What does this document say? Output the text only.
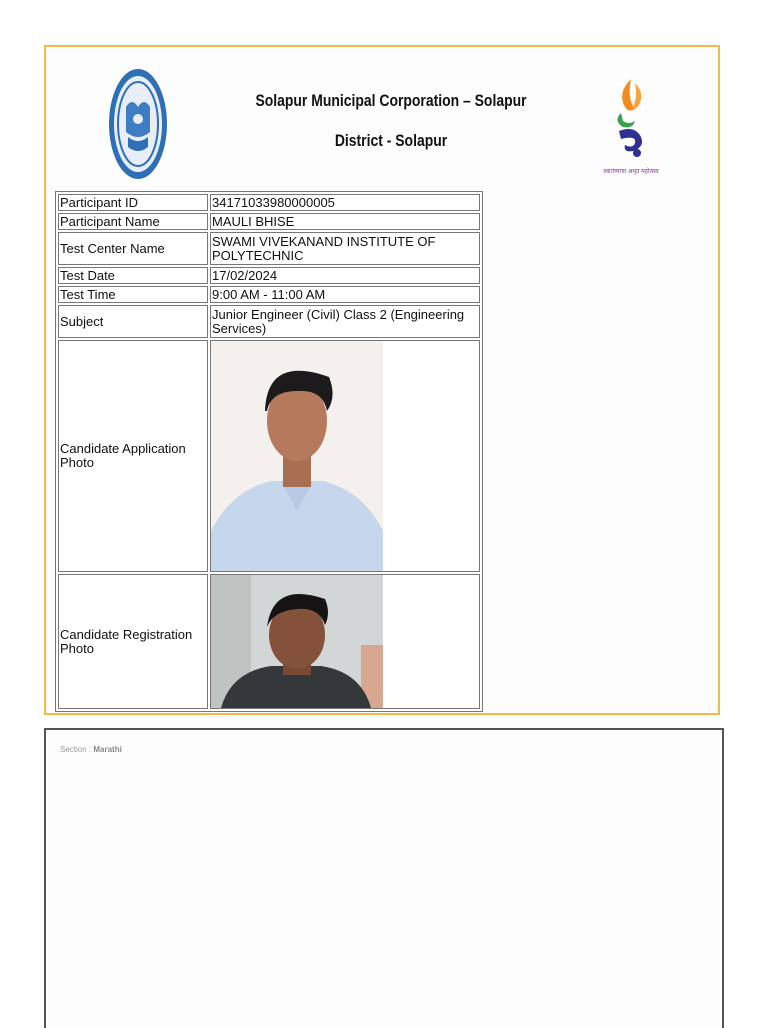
Solapur Municipal Corporation – Solapur
District - Solapur
स्वातंत्र्याचा अमृत महोत्सव
Participant ID	34171033980000005
Participant Name	MAULI BHISE
Test Center Name	SWAMI VIVEKANAND INSTITUTE OF POLYTECHNIC
Test Date	17/02/2024
Test Time	9:00 AM - 11:00 AM
Subject	Junior Engineer (Civil) Class 2 (Engineering Services)
Candidate Application Photo	

Candidate Registration Photo	
Section : Marathi
